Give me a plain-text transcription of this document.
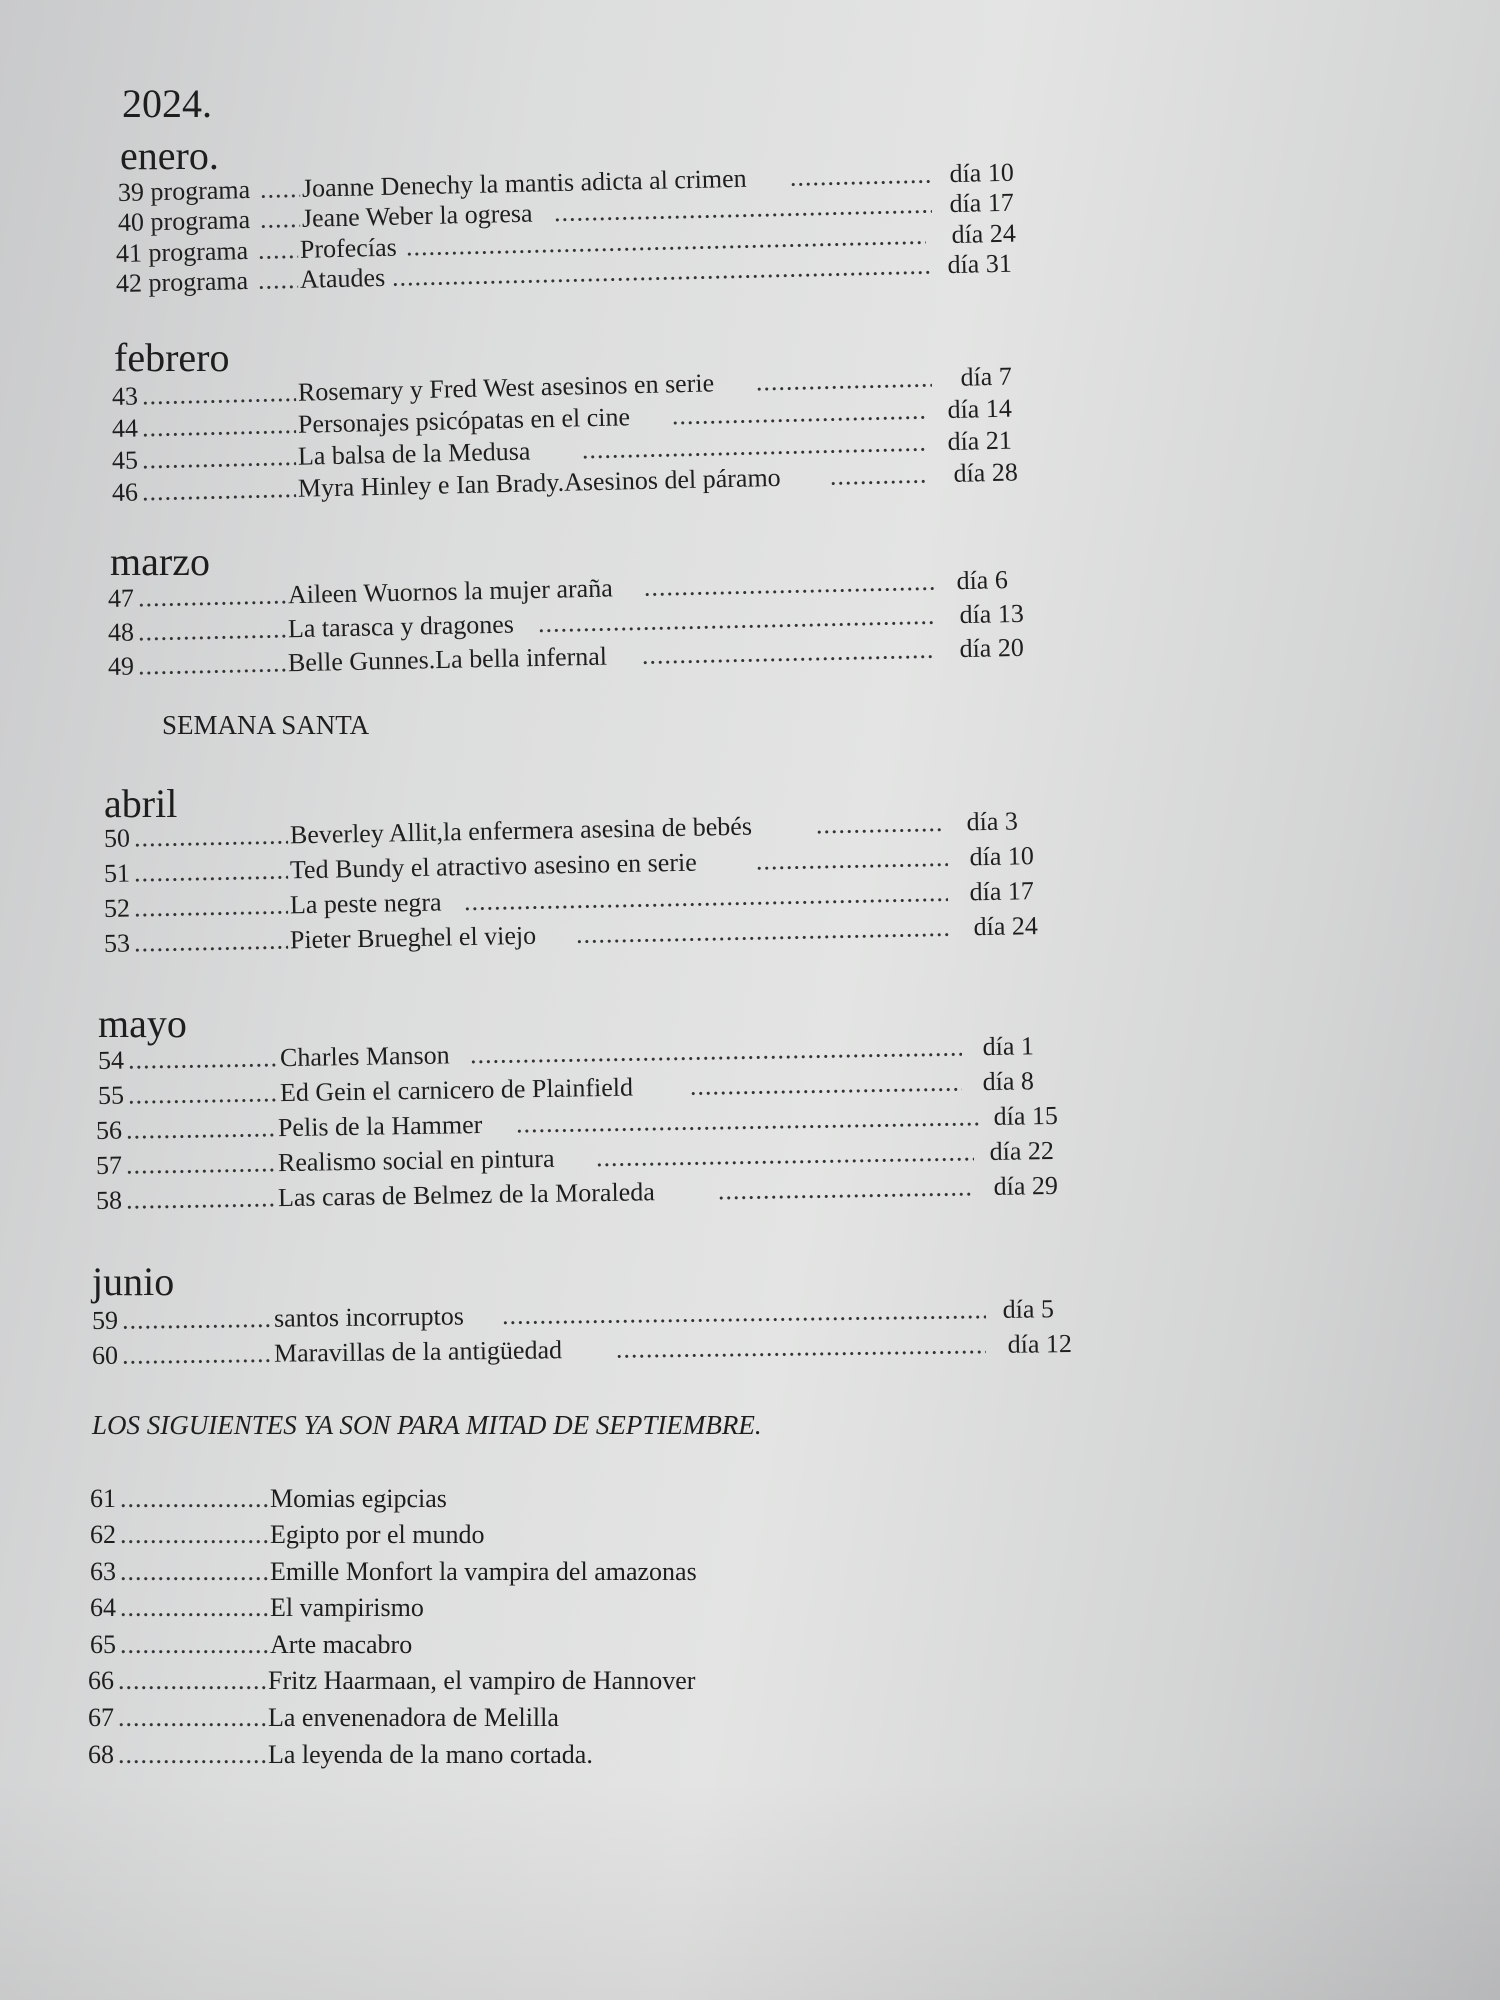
2024.
enero.
39 programa ..... Joanne Denechy la mantis adicta al crimen .....	día 10
40 programa ..... Jeane Weber la ogresa .....	día 17
41 programa ..... Profecías .....	día 24
42 programa ..... Ataudes .....	día 31
febrero
43 .....	Rosemary y Fred West asesinos en serie .....	día 7
44 .....	Personajes psicópatas en el cine .....	día 14
45 .....	La balsa de la Medusa .....	día 21
46 .....	Myra Hinley e Ian Brady.Asesinos del páramo .....	día 28
marzo
47 .....	Aileen Wuornos la mujer araña .....	día 6
48 .....	La tarasca y dragones .....	día 13
49 .....	Belle Gunnes.La bella infernal .....	día 20
SEMANA SANTA
abril
50 .....	Beverley Allit,la enfermera asesina de bebés .....	día 3
51 .....	Ted Bundy el atractivo asesino en serie .....	día 10
52 .....	La peste negra .....	día 17
53 .....	Pieter Brueghel el viejo .....	día 24
mayo
54 .....	Charles Manson .....	día 1
55 .....	Ed Gein el carnicero de Plainfield .....	día 8
56 .....	Pelis de la Hammer .....	día 15
57 .....	Realismo social en pintura .....	día 22
58 .....	Las caras de Belmez de la Moraleda .....	día 29
junio
59 .....	santos incorruptos .....	día 5
60 .....	Maravillas de la antigüedad .....	día 12
LOS SIGUIENTES YA SON PARA MITAD DE SEPTIEMBRE.
61 .....	Momias egipcias
62 .....	Egipto por el mundo
63 .....	Emille Monfort la vampira del amazonas
64 .....	El vampirismo
65 .....	Arte macabro
66 .....	Fritz Haarmaan, el vampiro de Hannover
67 .....	La envenenadora de Melilla
68 .....	La leyenda de la mano cortada.
